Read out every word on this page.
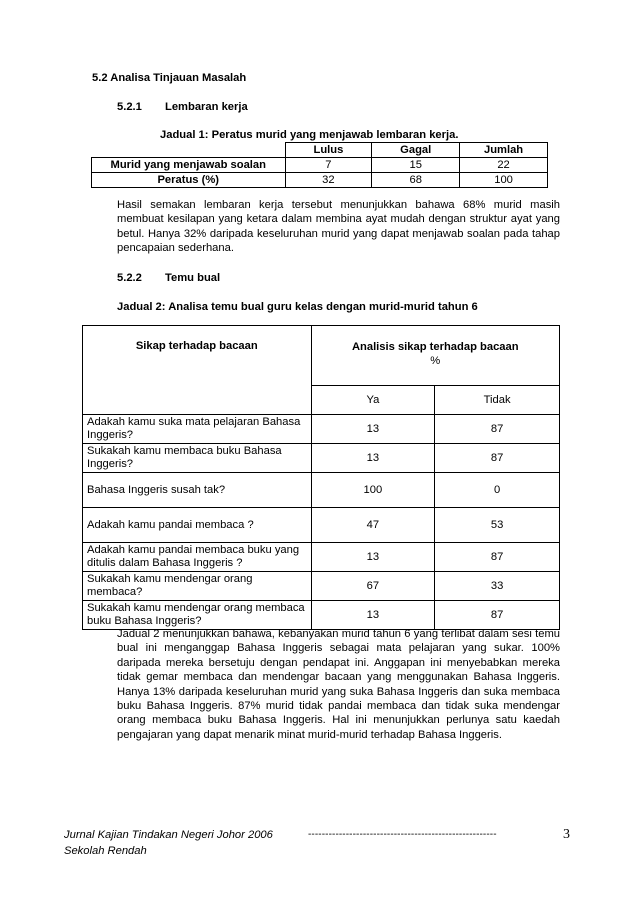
5.2 Analisa Tinjauan Masalah
5.2.1 Lembaran kerja
Jadual 1: Peratus murid yang menjawab lembaran kerja.
	Lulus	Gagal	Jumlah
Murid yang menjawab soalan	7	15	22
Peratus (%)	32	68	100
Hasil semakan lembaran kerja tersebut menunjukkan bahawa 68% murid masih membuat kesilapan yang ketara dalam membina ayat mudah dengan struktur ayat yang betul. Hanya 32% daripada keseluruhan murid yang dapat menjawab soalan pada tahap pencapaian sederhana.
5.2.2 Temu bual
Jadual 2: Analisa temu bual guru kelas dengan murid-murid tahun 6
Sikap terhadap bacaan	Analisis sikap terhadap bacaan
%	

	Ya	Tidak
Adakah kamu suka mata pelajaran Bahasa Inggeris?	13	87
Sukakah kamu membaca buku Bahasa Inggeris?	13	87
Bahasa Inggeris susah tak?	100	0
Adakah kamu pandai membaca ?	47	53
Adakah kamu pandai membaca buku yang ditulis dalam Bahasa Inggeris ?	13	87
Sukakah kamu mendengar orang membaca?	67	33
Sukakah kamu mendengar orang membaca buku Bahasa Inggeris?	13	87
Jadual 2 menunjukkan bahawa, kebanyakan murid tahun 6 yang terlibat dalam sesi temu bual ini menganggap Bahasa Inggeris sebagai mata pelajaran yang sukar. 100% daripada mereka bersetuju dengan pendapat ini. Anggapan ini menyebabkan mereka tidak gemar membaca dan mendengar bacaan yang menggunakan Bahasa Inggeris. Hanya 13% daripada keseluruhan murid yang suka Bahasa Inggeris dan suka membaca buku Bahasa Inggeris. 87% murid tidak pandai membaca dan tidak suka mendengar orang membaca buku Bahasa Inggeris. Hal ini menunjukkan perlunya satu kaedah pengajaran yang dapat menarik minat murid-murid terhadap Bahasa Inggeris.
Jurnal Kajian Tindakan Negeri Johor 2006	-------------------------------------------------------	3
Sekolah Rendah
